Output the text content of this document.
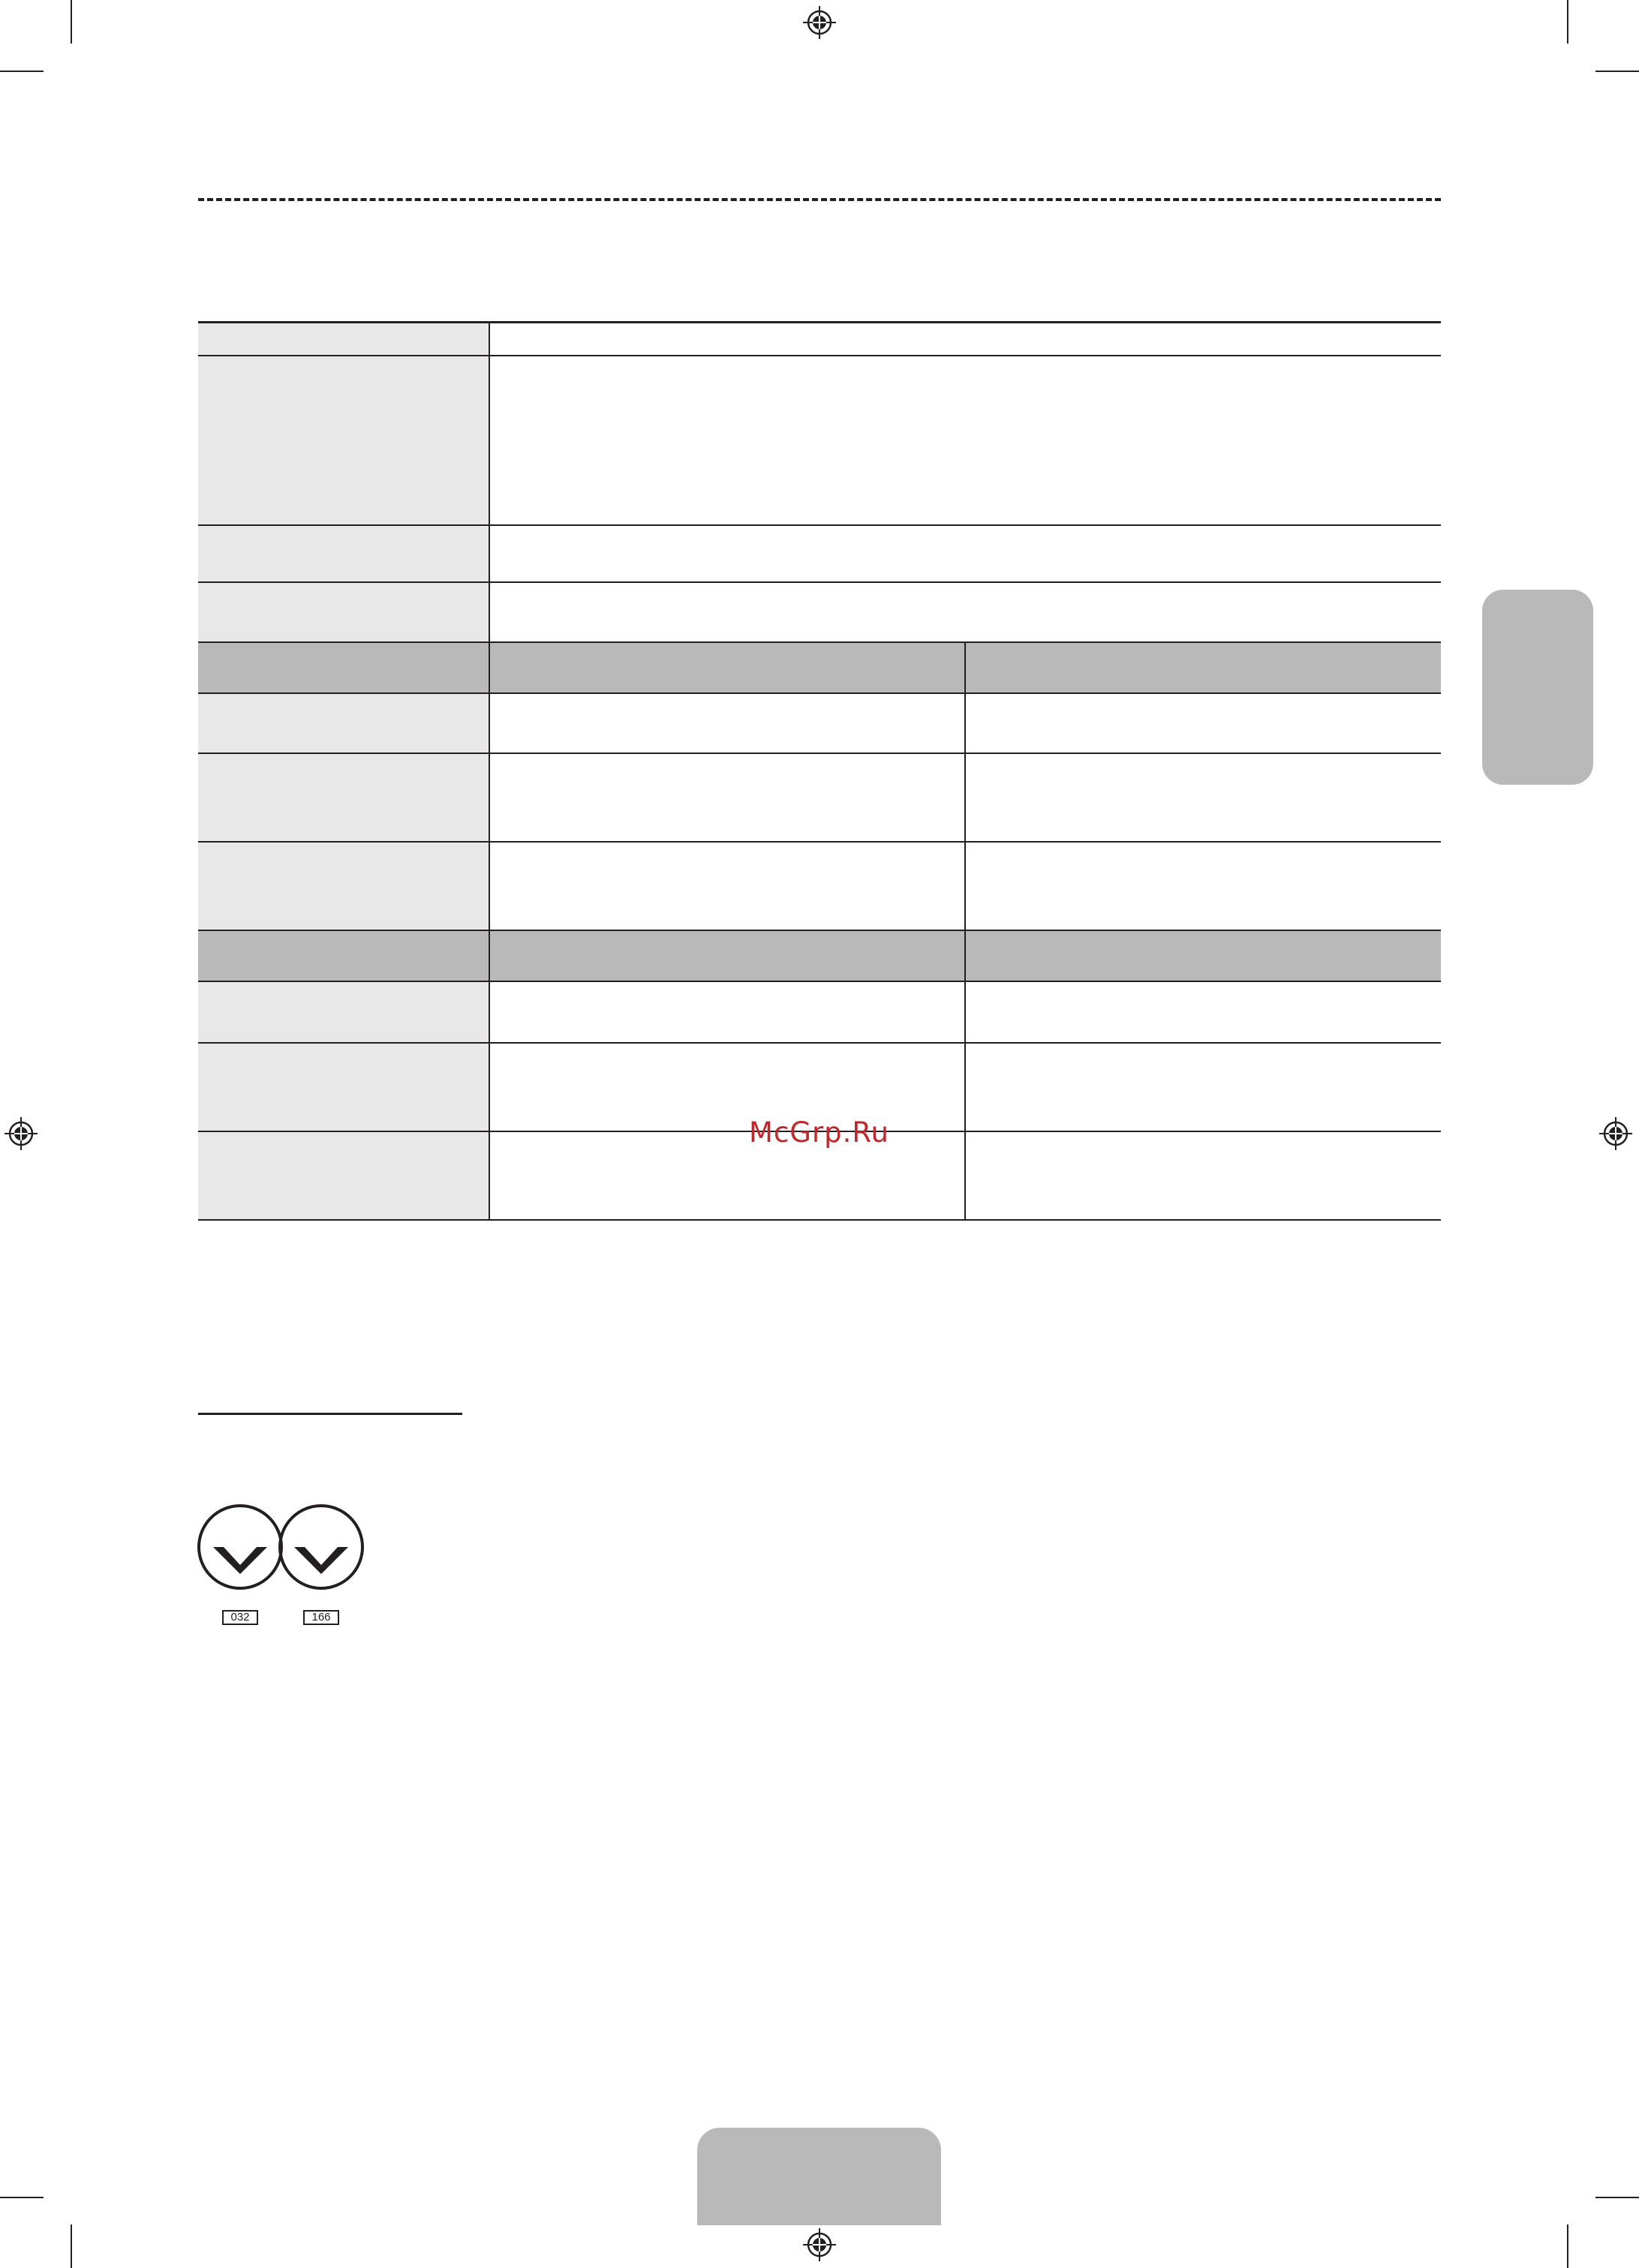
McGrp.Ru
032	166
